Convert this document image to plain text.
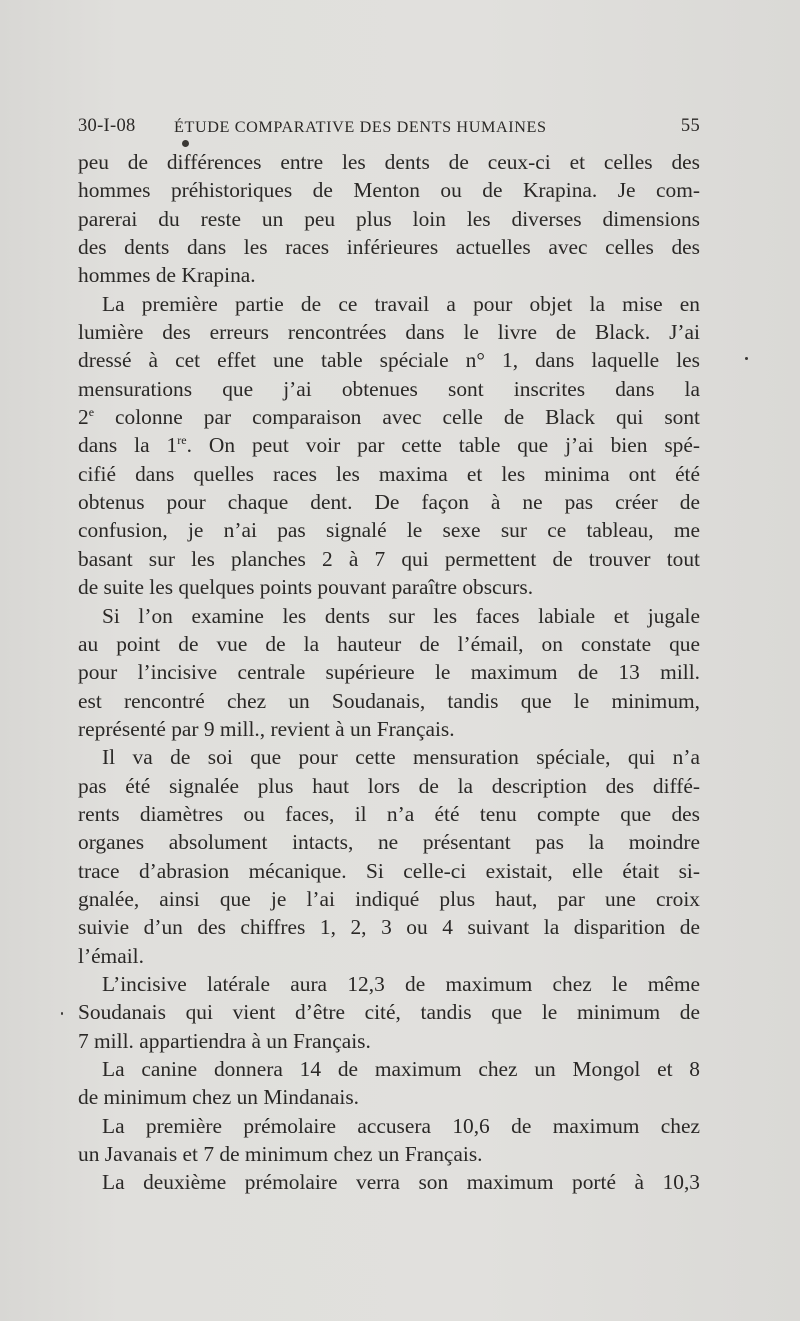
30-I-08 ÉTUDE COMPARATIVE DES DENTS HUMAINES	55
peu de différences entre les dents de ceux-ci et celles des
hommes préhistoriques de Menton ou de Krapina. Je com-
parerai du reste un peu plus loin les diverses dimensions
des dents dans les races inférieures actuelles avec celles des
hommes de Krapina.
La première partie de ce travail a pour objet la mise en
lumière des erreurs rencontrées dans le livre de Black. J’ai
dressé à cet effet une table spéciale n° 1, dans laquelle les
mensurations que j’ai obtenues sont inscrites dans la
2e colonne par comparaison avec celle de Black qui sont
dans la 1re. On peut voir par cette table que j’ai bien spé-
cifié dans quelles races les maxima et les minima ont été
obtenus pour chaque dent. De façon à ne pas créer de
confusion, je n’ai pas signalé le sexe sur ce tableau, me
basant sur les planches 2 à 7 qui permettent de trouver tout
de suite les quelques points pouvant paraître obscurs.
Si l’on examine les dents sur les faces labiale et jugale
au point de vue de la hauteur de l’émail, on constate que
pour l’incisive centrale supérieure le maximum de 13 mill.
est rencontré chez un Soudanais, tandis que le minimum,
représenté par 9 mill., revient à un Français.
Il va de soi que pour cette mensuration spéciale, qui n’a
pas été signalée plus haut lors de la description des diffé-
rents diamètres ou faces, il n’a été tenu compte que des
organes absolument intacts, ne présentant pas la moindre
trace d’abrasion mécanique. Si celle-ci existait, elle était si-
gnalée, ainsi que je l’ai indiqué plus haut, par une croix
suivie d’un des chiffres 1, 2, 3 ou 4 suivant la disparition de
l’émail.
L’incisive latérale aura 12,3 de maximum chez le même
Soudanais qui vient d’être cité, tandis que le minimum de
7 mill. appartiendra à un Français.
La canine donnera 14 de maximum chez un Mongol et 8
de minimum chez un Mindanais.
La première prémolaire accusera 10,6 de maximum chez
un Javanais et 7 de minimum chez un Français.
La deuxième prémolaire verra son maximum porté à 10,3
